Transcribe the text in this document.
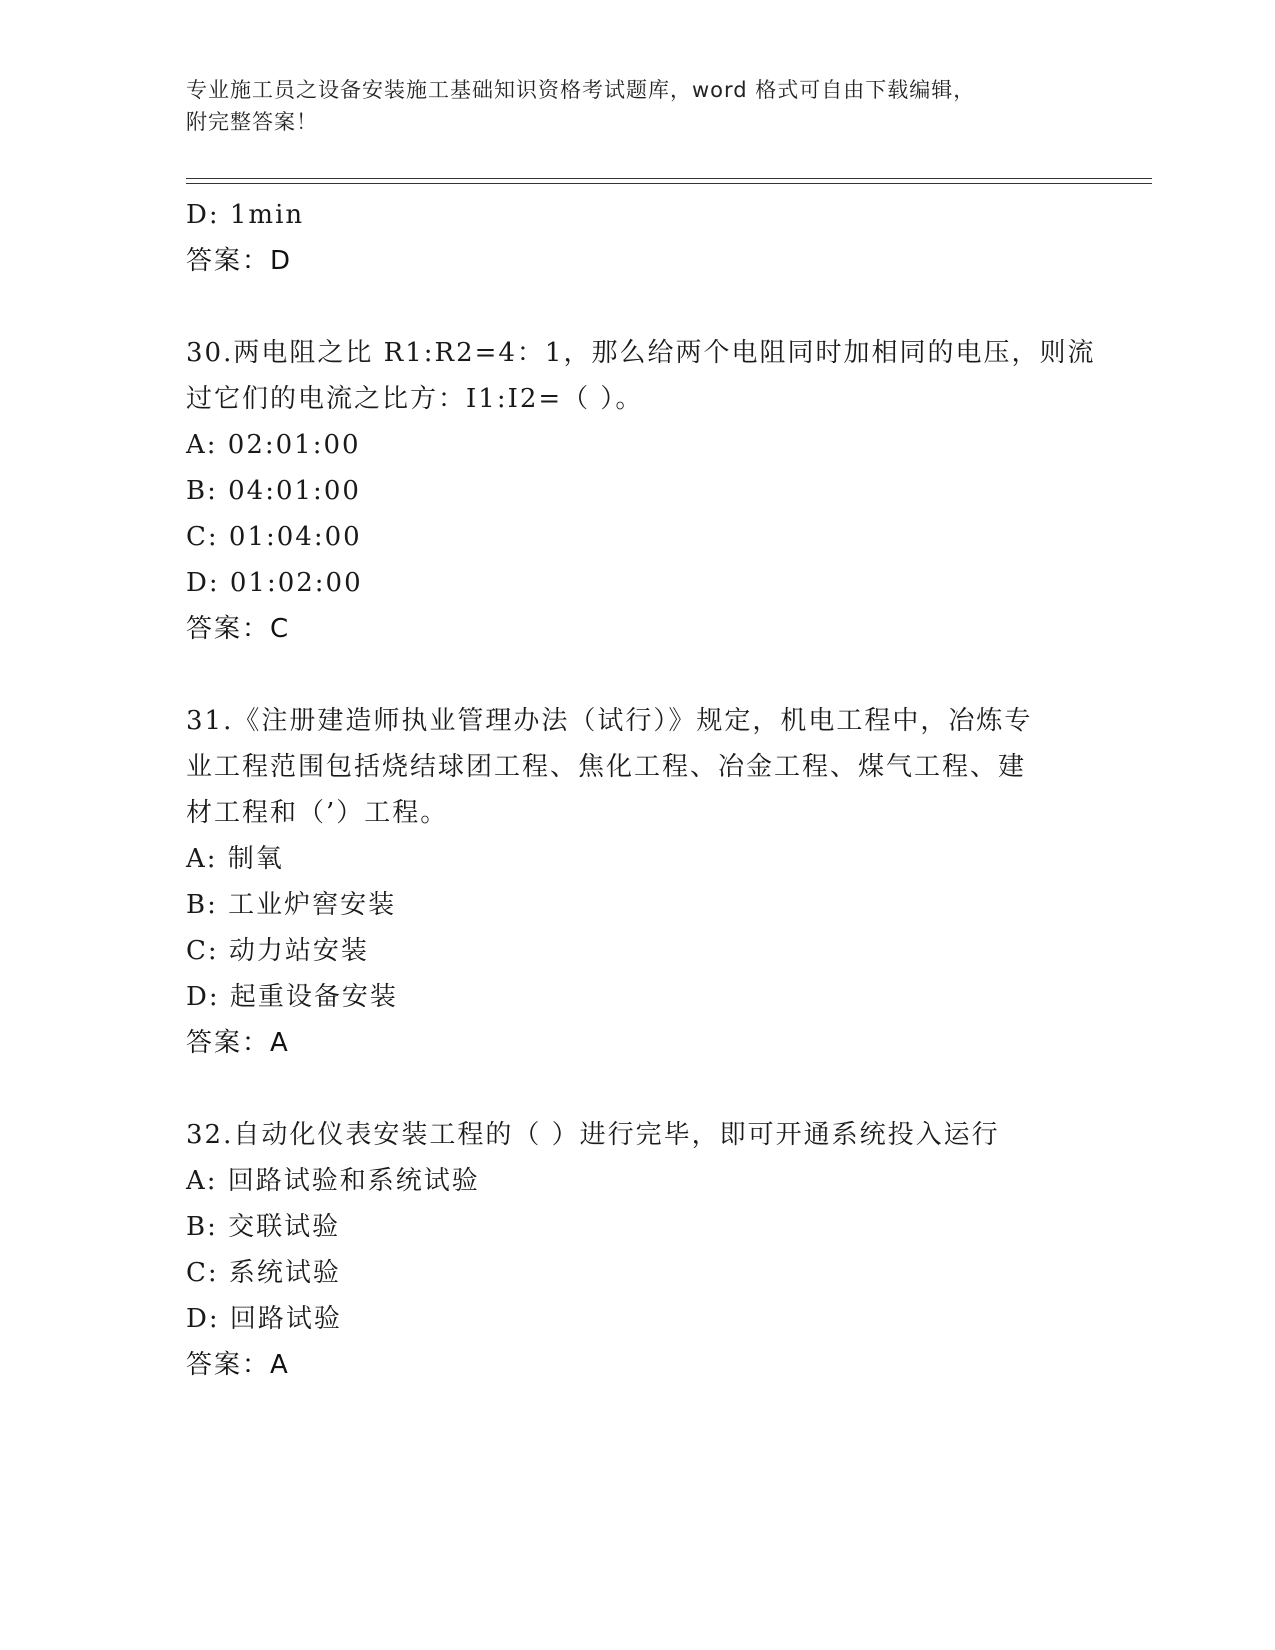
专业施工员之设备安装施工基础知识资格考试题库，word 格式可自由下载编辑，
附完整答案！
D: 1min
答案：D
30.两电阻之比 R1:R2=4：1，那么给两个电阻同时加相同的电压，则流
过它们的电流之比方：I1:I2=（ ）。
A: 02:01:00
B: 04:01:00
C: 01:04:00
D: 01:02:00
答案：C
31.《注册建造师执业管理办法（试行）》规定，机电工程中，冶炼专
业工程范围包括烧结球团工程、焦化工程、冶金工程、煤气工程、建
材工程和（’）工程。
A: 制氧
B: 工业炉窖安装
C: 动力站安装
D: 起重设备安装
答案：A
32.自动化仪表安装工程的（ ）进行完毕，即可开通系统投入运行
A: 回路试验和系统试验
B: 交联试验
C: 系统试验
D: 回路试验
答案：A
